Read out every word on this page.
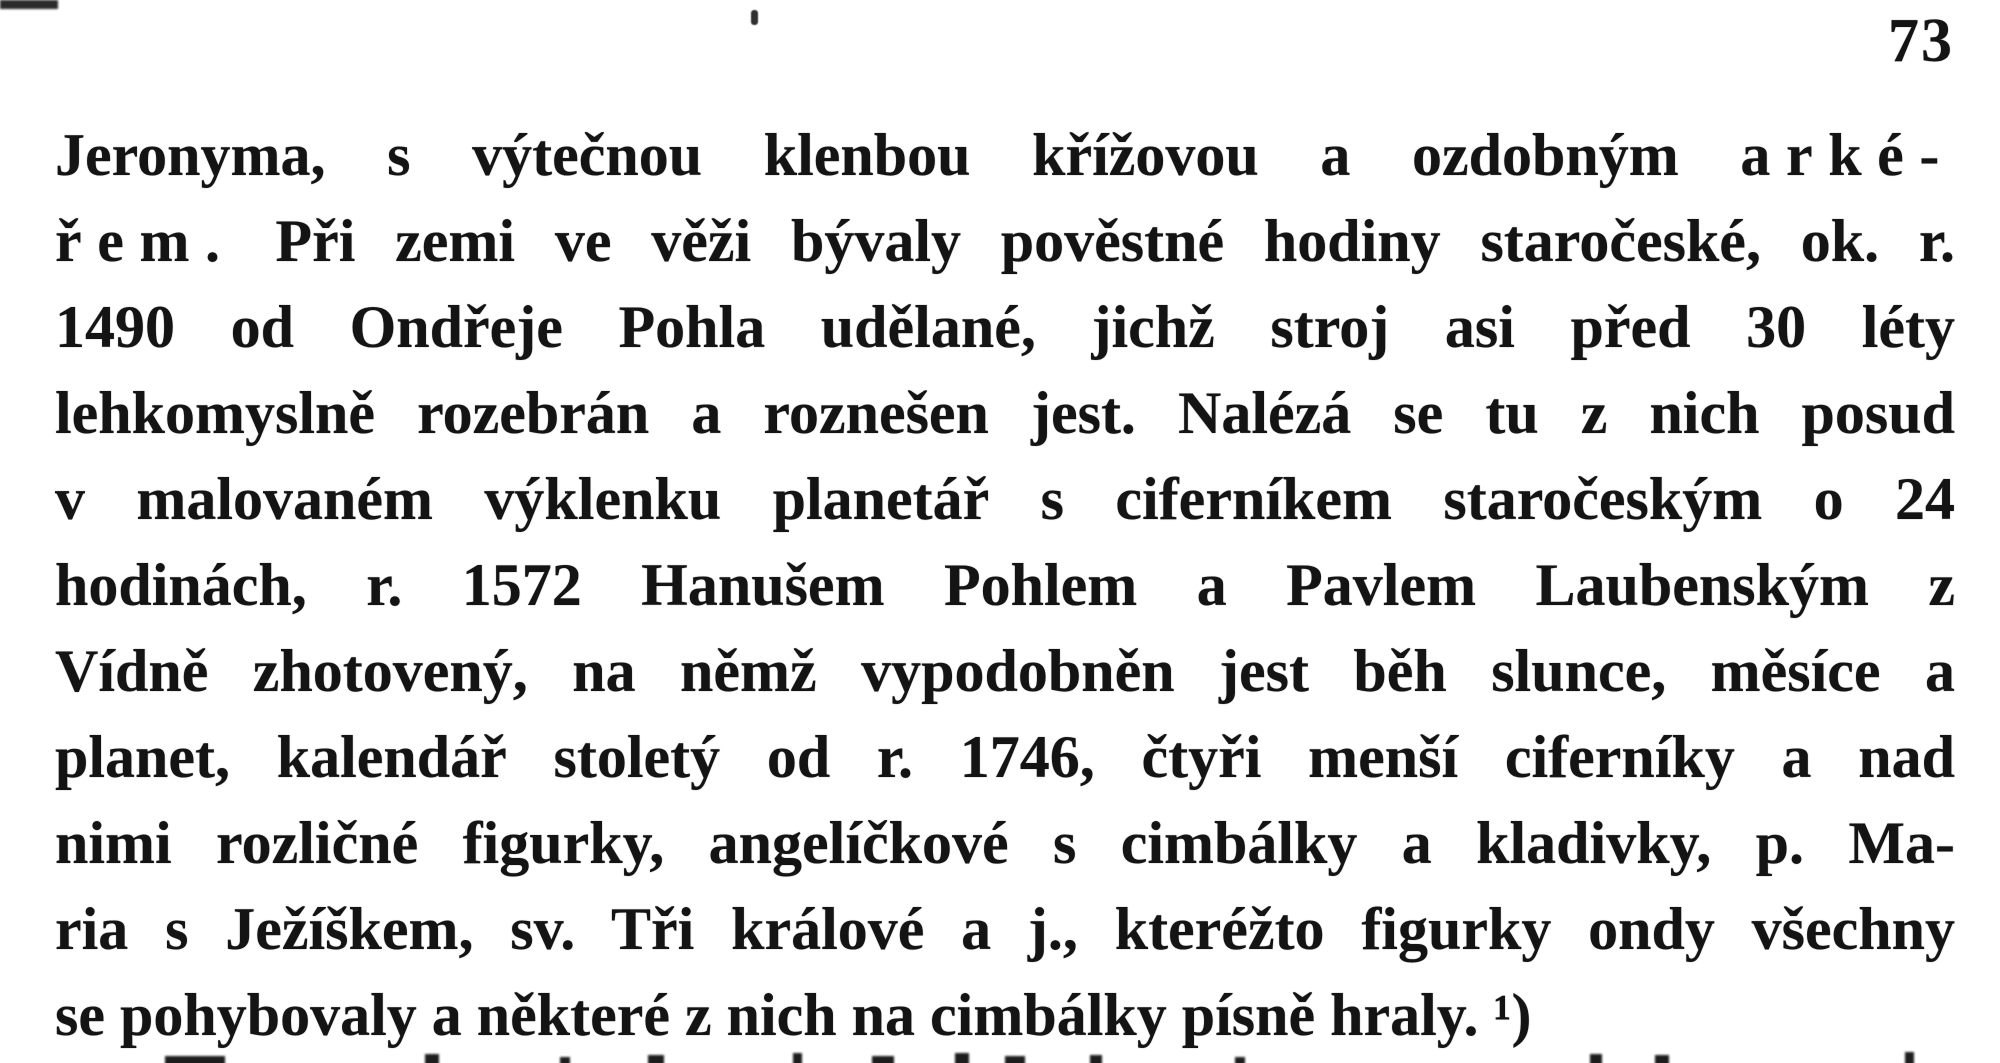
73
Jeronyma, s výtečnou klenbou křížovou a ozdobným arké-
řem. Při zemi ve věži bývaly pověstné hodiny staročeské, ok. r.
1490 od Ondřeje Pohla udělané, jichž stroj asi před 30 léty
lehkomyslně rozebrán a roznešen jest. Nalézá se tu z nich posud
v malovaném výklenku planetář s ciferníkem staročeským o 24
hodinách, r. 1572 Hanušem Pohlem a Pavlem Laubenským z
Vídně zhotovený, na němž vypodobněn jest běh slunce, měsíce a
planet, kalendář stoletý od r. 1746, čtyři menší ciferníky a nad
nimi rozličné figurky, angelíčkové s cimbálky a kladivky, p. Ma-
ria s Ježíškem, sv. Tři králové a j., kteréžto figurky ondy všechny
se pohybovaly a některé z nich na cimbálky písně hraly. ¹)
